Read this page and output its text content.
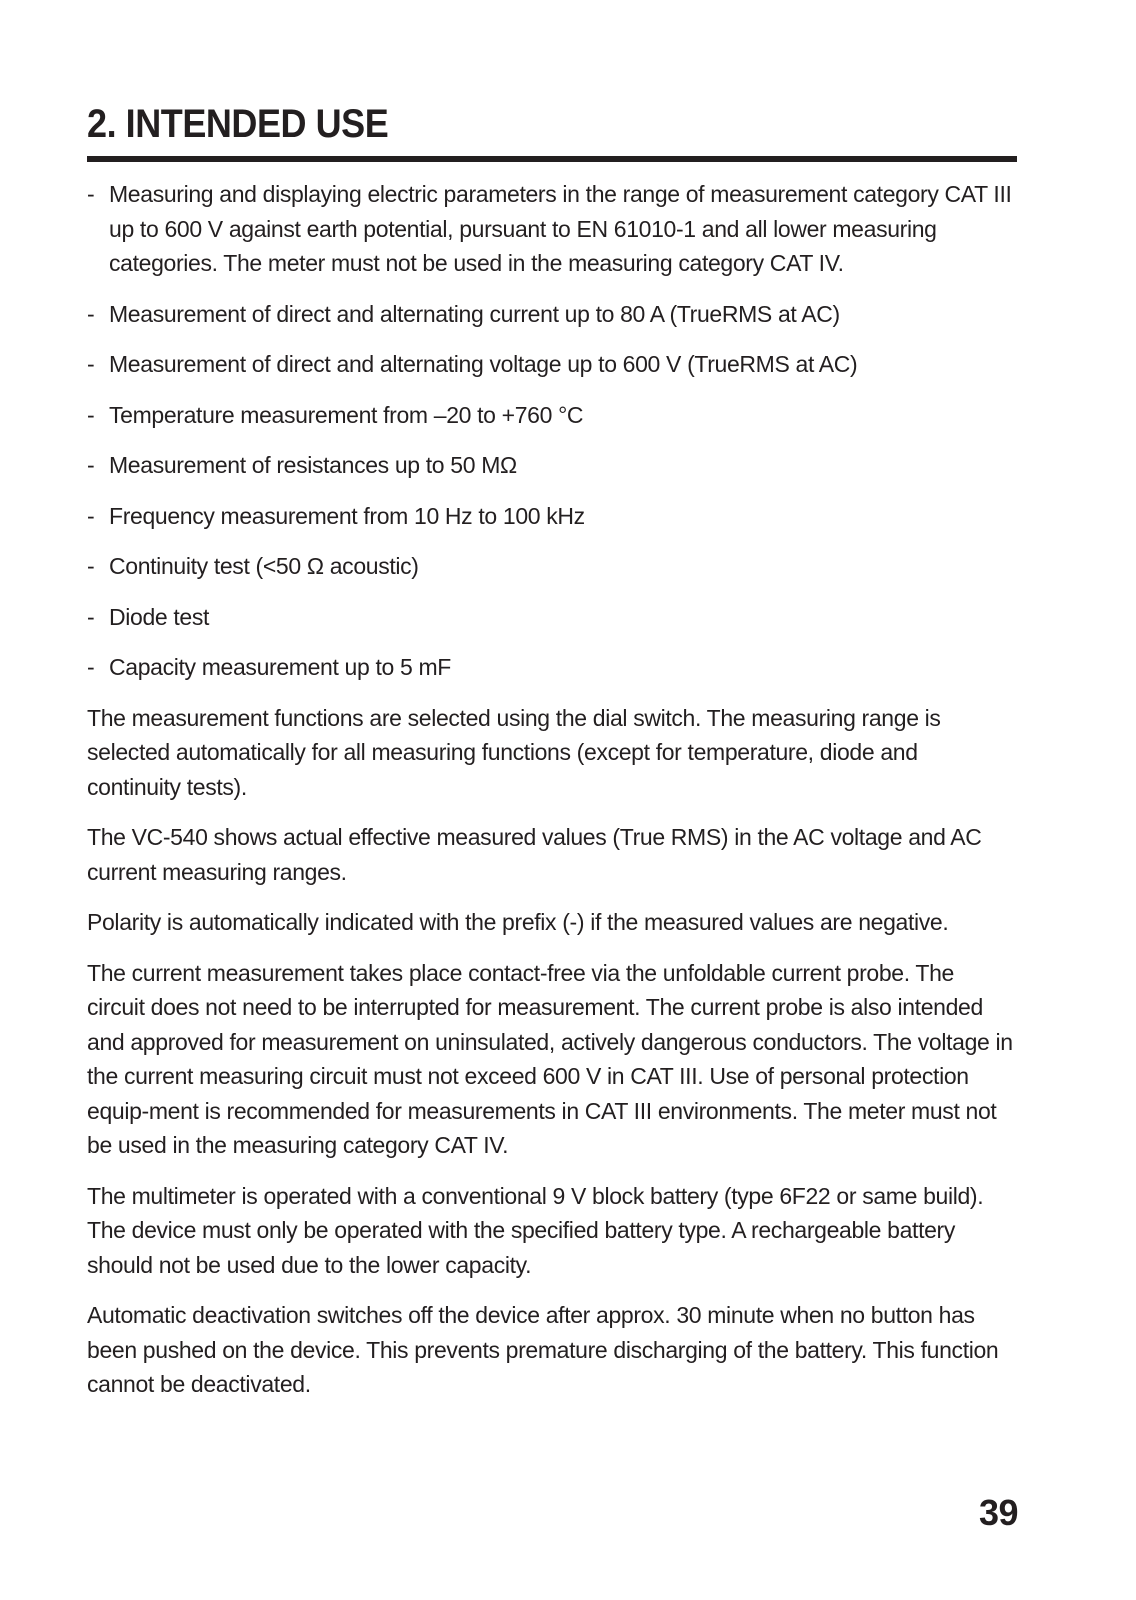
2. INTENDED USE
- Measuring and displaying electric parameters in the range of measurement category CAT III up to 600 V against earth potential, pursuant to EN 61010-1 and all lower measuring categories. The meter must not be used in the measuring category CAT IV.
- Measurement of direct and alternating current up to 80 A (TrueRMS at AC)
- Measurement of direct and alternating voltage up to 600 V (TrueRMS at AC)
- Temperature measurement from –20 to +760 °C
- Measurement of resistances up to 50 MΩ
- Frequency measurement from 10 Hz to 100 kHz
- Continuity test (<50 Ω acoustic)
- Diode test
- Capacity measurement up to 5 mF

The measurement functions are selected using the dial switch. The measuring range is selected automatically for all measuring functions (except for temperature, diode and continuity tests).

The VC-540 shows actual effective measured values (True RMS) in the AC voltage and AC current measuring ranges.

Polarity is automatically indicated with the prefix (-) if the measured values are negative.

The current measurement takes place contact-free via the unfoldable current probe. The circuit does not need to be interrupted for measurement. The current probe is also intended and approved for measurement on uninsulated, actively dangerous conductors. The voltage in the current measuring circuit must not exceed 600 V in CAT III. Use of personal protection equip-ment is recommended for measurements in CAT III environments. The meter must not be used in the measuring category CAT IV.

The multimeter is operated with a conventional 9 V block battery (type 6F22 or same build). The device must only be operated with the specified battery type. A rechargeable battery should not be used due to the lower capacity.

Automatic deactivation switches off the device after approx. 30 minute when no button has been pushed on the device. This prevents premature discharging of the battery. This function cannot be deactivated.

39
